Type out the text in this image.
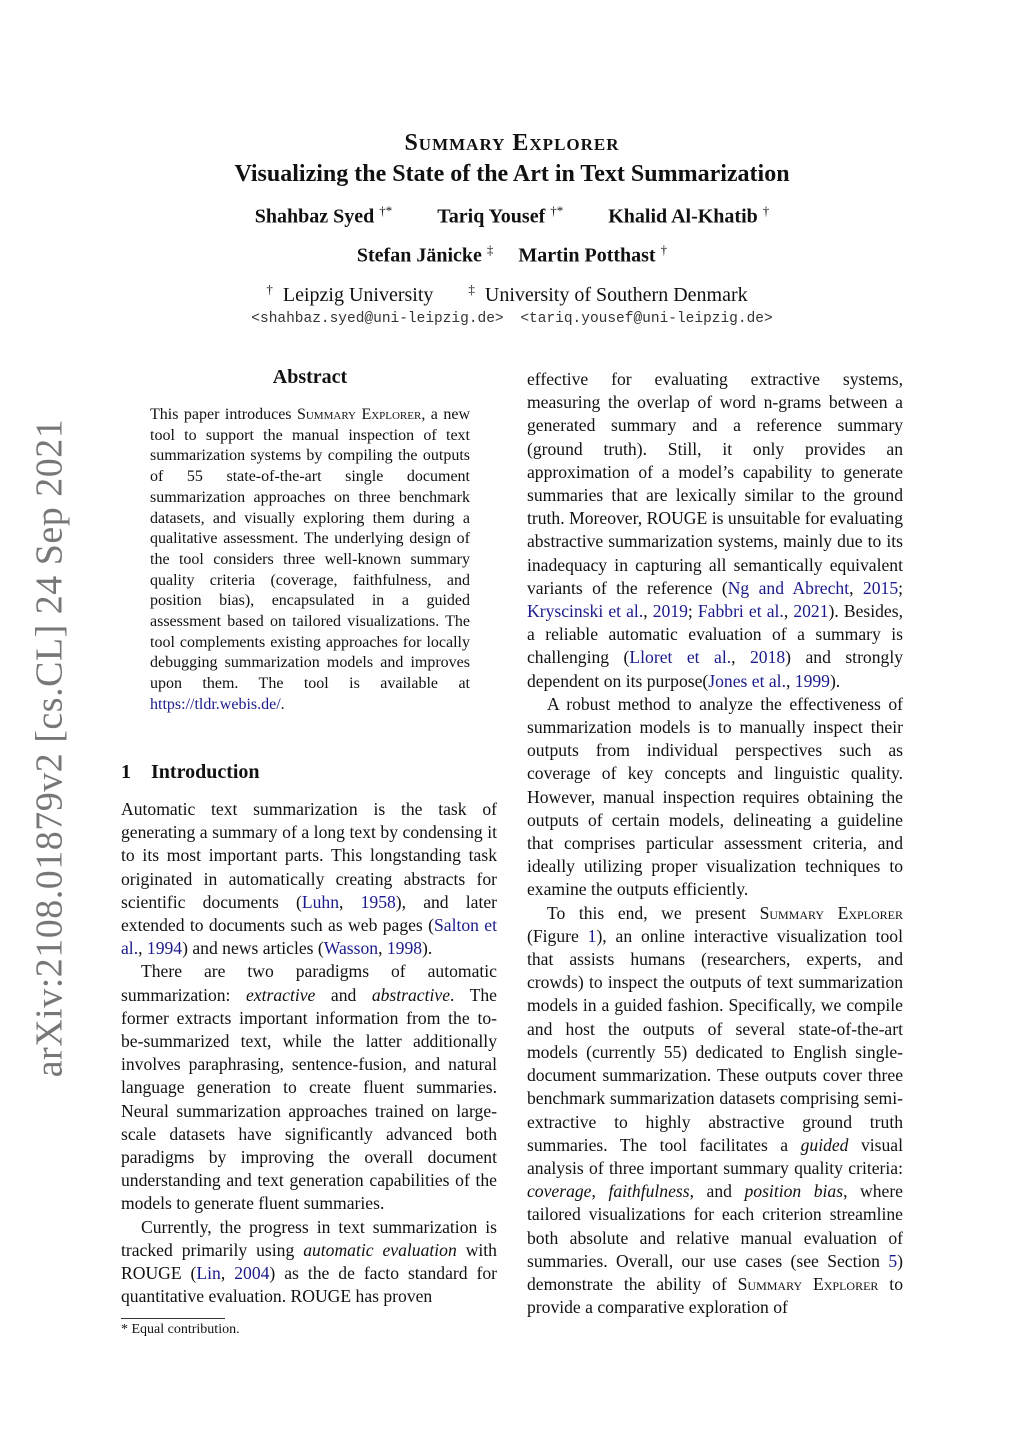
arXiv:2108.01879v2 [cs.CL] 24 Sep 2021
Summary Explorer
Visualizing the State of the Art in Text Summarization
Shahbaz Syed †* Tariq Yousef †* Khalid Al-Khatib †
Stefan Jänicke ‡ Martin Potthast †
† Leipzig University	‡ University of Southern Denmark
<shahbaz.syed@uni-leipzig.de> <tariq.yousef@uni-leipzig.de>
Abstract
This paper introduces Summary Explorer, a new tool to support the manual inspection of text summarization systems by compiling the outputs of 55 state-of-the-art single document summarization approaches on three benchmark datasets, and visually exploring them during a qualitative assessment. The underlying design of the tool considers three well-known summary quality criteria (coverage, faithfulness, and position bias), encapsulated in a guided assessment based on tailored visualizations. The tool complements existing approaches for locally debugging summarization models and improves upon them. The tool is available at https://tldr.webis.de/.
1 Introduction

Automatic text summarization is the task of generating a summary of a long text by condensing it to its most important parts. This longstanding task originated in automatically creating abstracts for scientific documents (Luhn, 1958), and later extended to documents such as web pages (Salton et al., 1994) and news articles (Wasson, 1998).

There are two paradigms of automatic summarization: extractive and abstractive. The former extracts important information from the to-be-summarized text, while the latter additionally involves paraphrasing, sentence-fusion, and natural language generation to create fluent summaries. Neural summarization approaches trained on large-scale datasets have significantly advanced both paradigms by improving the overall document understanding and text generation capabilities of the models to generate fluent summaries.

Currently, the progress in text summarization is tracked primarily using automatic evaluation with ROUGE (Lin, 2004) as the de facto standard for quantitative evaluation. ROUGE has proven

effective for evaluating extractive systems, measuring the overlap of word n-grams between a generated summary and a reference summary (ground truth). Still, it only provides an approximation of a model’s capability to generate summaries that are lexically similar to the ground truth. Moreover, ROUGE is unsuitable for evaluating abstractive summarization systems, mainly due to its inadequacy in capturing all semantically equivalent variants of the reference (Ng and Abrecht, 2015; Kryscinski et al., 2019; Fabbri et al., 2021). Besides, a reliable automatic evaluation of a summary is challenging (Lloret et al., 2018) and strongly dependent on its purpose(Jones et al., 1999).

A robust method to analyze the effectiveness of summarization models is to manually inspect their outputs from individual perspectives such as coverage of key concepts and linguistic quality. However, manual inspection requires obtaining the outputs of certain models, delineating a guideline that comprises particular assessment criteria, and ideally utilizing proper visualization techniques to examine the outputs efficiently.

To this end, we present Summary Explorer (Figure 1), an online interactive visualization tool that assists humans (researchers, experts, and crowds) to inspect the outputs of text summarization models in a guided fashion. Specifically, we compile and host the outputs of several state-of-the-art models (currently 55) dedicated to English single-document summarization. These outputs cover three benchmark summarization datasets comprising semi-extractive to highly abstractive ground truth summaries. The tool facilitates a guided visual analysis of three important summary quality criteria: coverage, faithfulness, and position bias, where tailored visualizations for each criterion streamline both absolute and relative manual evaluation of summaries. Overall, our use cases (see Section 5) demonstrate the ability of Summary Explorer to provide a comparative exploration of

* Equal contribution.
